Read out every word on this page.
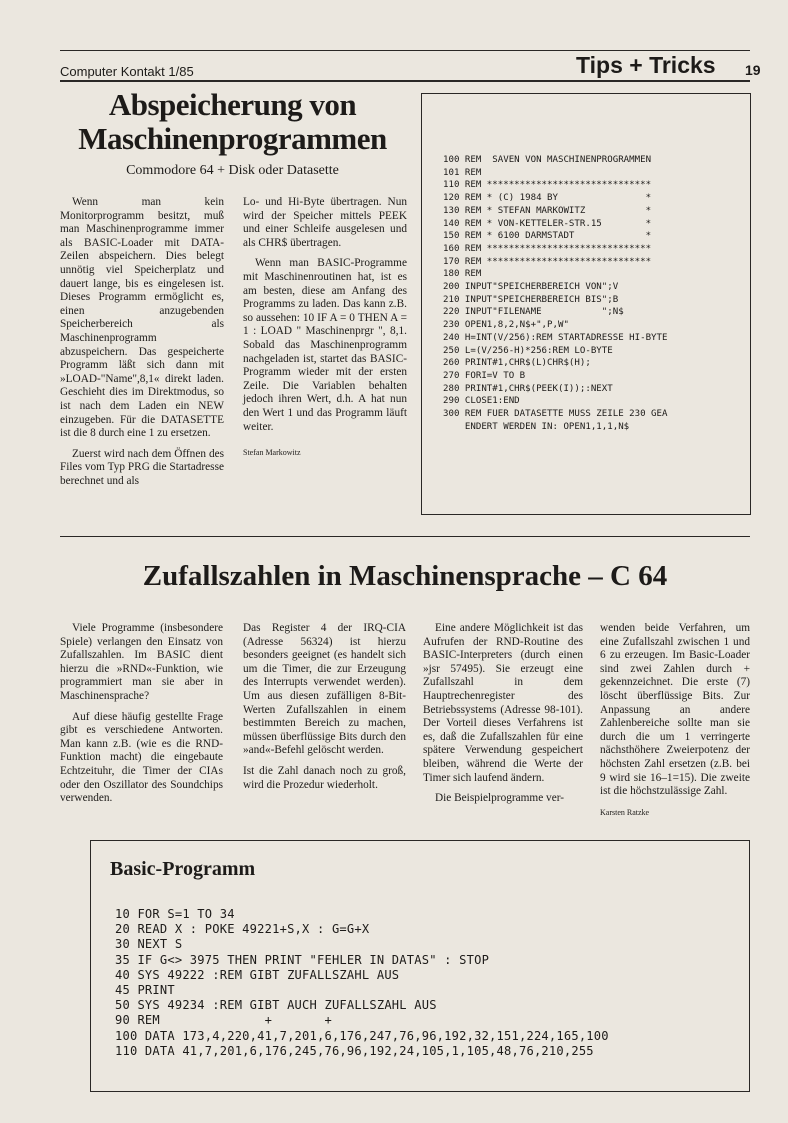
Computer Kontakt 1/85	Tips + Tricks 19
Abspeicherung von Maschinenprogrammen
Commodore 64 + Disk oder Datasette

Wenn man kein Monitorprogramm besitzt, muß man Maschinenprogramme immer als BASIC-Loader mit DATA-Zeilen abspeichern. Dies belegt unnötig viel Speicherplatz und dauert lange, bis es eingelesen ist. Dieses Programm ermöglicht es, einen anzugebenden Speicherbereich als Maschinenprogramm abzuspeichern. Das gespeicherte Programm läßt sich dann mit »LOAD-"Name",8,1« direkt laden. Geschieht dies im Direktmodus, so ist nach dem Laden ein NEW einzugeben. Für die DATASETTE ist die 8 durch eine 1 zu ersetzen.

Zuerst wird nach dem Öffnen des Files vom Typ PRG die Startadresse berechnet und als

Lo- und Hi-Byte übertragen. Nun wird der Speicher mittels PEEK und einer Schleife ausgelesen und als CHR$ übertragen.

Wenn man BASIC-Programme mit Maschinenroutinen hat, ist es am besten, diese am Anfang des Programms zu laden. Das kann z.B. so aussehen: 10 IF A = 0 THEN A = 1 : LOAD " Maschinenprgr ", 8,1. Sobald das Maschinenprogramm nachgeladen ist, startet das BASIC-Programm wieder mit der ersten Zeile. Die Variablen behalten jedoch ihren Wert, d.h. A hat nun den Wert 1 und das Programm läuft weiter.

Stefan Markowitz
100 REM  SAVEN VON MASCHINENPROGRAMMEN
101 REM
110 REM ******************************
120 REM * (C) 1984 BY                *
130 REM * STEFAN MARKOWITZ           *
140 REM * VON-KETTELER-STR.15        *
150 REM * 6100 DARMSTADT             *
160 REM ******************************
170 REM ******************************
180 REM
200 INPUT"SPEICHERBEREICH VON";V
210 INPUT"SPEICHERBEREICH BIS";B
220 INPUT"FILENAME           ";N$
230 OPEN1,8,2,N$+",P,W"
240 H=INT(V/256):REM STARTADRESSE HI-BYTE
250 L=(V/256-H)*256:REM LO-BYTE
260 PRINT#1,CHR$(L)CHR$(H);
270 FORI=V TO B
280 PRINT#1,CHR$(PEEK(I));:NEXT
290 CLOSE1:END
300 REM FUER DATASETTE MUSS ZEILE 230 GEA
ENDERT WERDEN IN: OPEN1,1,1,N$
Zufallszahlen in Maschinensprache – C 64

Viele Programme (insbesondere Spiele) verlangen den Einsatz von Zufallszahlen. Im BASIC dient hierzu die »RND«-Funktion, wie programmiert man sie aber in Maschinensprache?

Auf diese häufig gestellte Frage gibt es verschiedene Antworten. Man kann z.B. (wie es die RND-Funktion macht) die eingebaute Echtzeituhr, die Timer der CIAs oder den Oszillator des Soundchips verwenden.

Das Register 4 der IRQ-CIA (Adresse 56324) ist hierzu besonders geeignet (es handelt sich um die Timer, die zur Erzeugung des Interrupts verwendet werden). Um aus diesen zufälligen 8-Bit-Werten Zufallszahlen in einem bestimmten Bereich zu machen, müssen überflüssige Bits durch den »and«-Befehl gelöscht werden.

Ist die Zahl danach noch zu groß, wird die Prozedur wiederholt.

Eine andere Möglichkeit ist das Aufrufen der RND-Routine des BASIC-Interpreters (durch einen »jsr 57495). Sie erzeugt eine Zufallszahl in dem Hauptrechenregister des Betriebssystems (Adresse 98-101). Der Vorteil dieses Verfahrens ist es, daß die Zufallszahlen für eine spätere Verwendung gespeichert bleiben, während die Werte der Timer sich laufend ändern.

Die Beispielprogramme ver-

wenden beide Verfahren, um eine Zufallszahl zwischen 1 und 6 zu erzeugen. Im Basic-Loader sind zwei Zahlen durch + gekennzeichnet. Die erste (7) löscht überflüssige Bits. Zur Anpassung an andere Zahlenbereiche sollte man sie durch die um 1 verringerte nächsthöhere Zweierpotenz der höchsten Zahl ersetzen (z.B. bei 9 wird sie 16–1=15). Die zweite ist die höchstzulässige Zahl.

Karsten Ratzke
Basic-Programm
10 FOR S=1 TO 34
20 READ X : POKE 49221+S,X : G=G+X
30 NEXT S
35 IF G<> 3975 THEN PRINT "FEHLER IN DATAS" : STOP
40 SYS 49222 :REM GIBT ZUFALLSZAHL AUS
45 PRINT
50 SYS 49234 :REM GIBT AUCH ZUFALLSZAHL AUS
90 REM              +       +
100 DATA 173,4,220,41,7,201,6,176,247,76,96,192,32,151,224,165,100
110 DATA 41,7,201,6,176,245,76,96,192,24,105,1,105,48,76,210,255
